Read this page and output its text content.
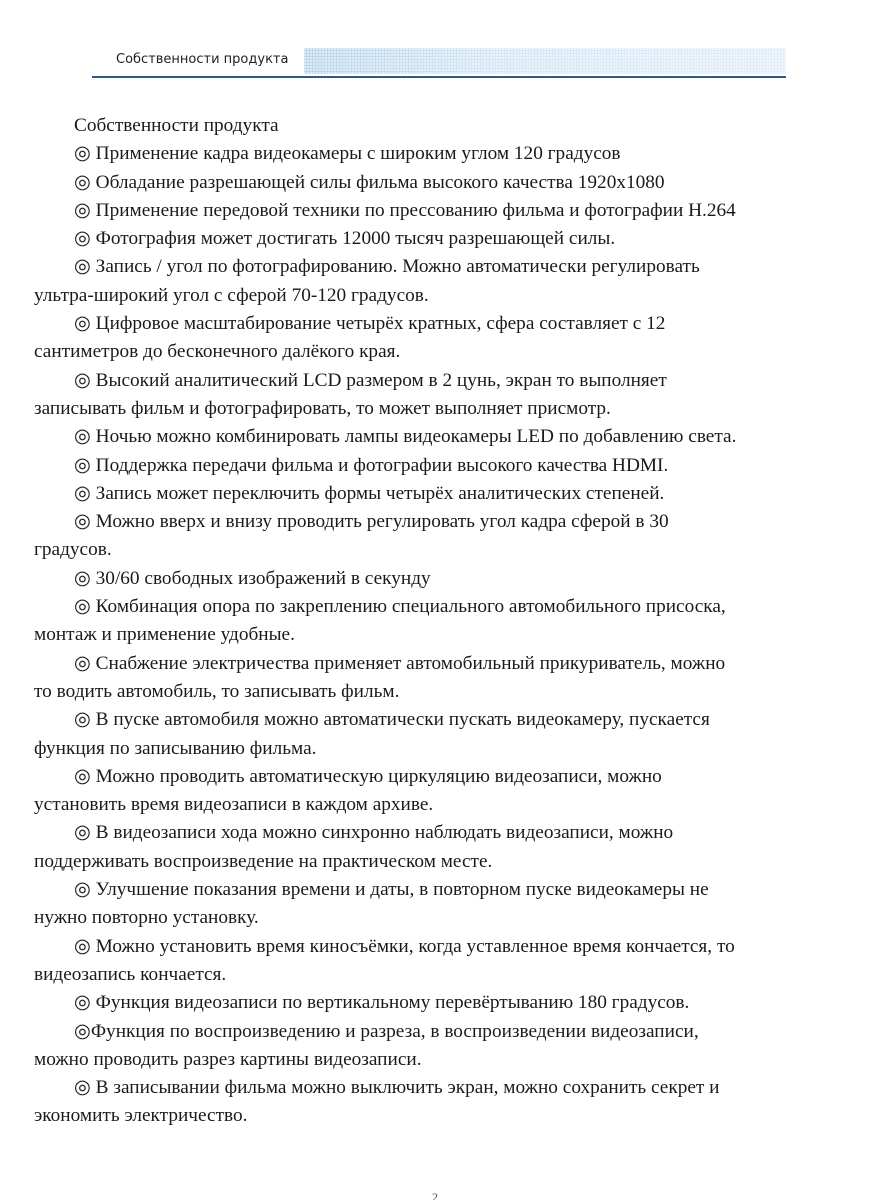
Собственности продукта

Собственности продукта

◎ Применение кадра видеокамеры с широким углом 120 градусов
◎ Обладание разрешающей силы фильма высокого качества 1920x1080
◎ Применение передовой техники по прессованию фильма и фотографии H.264
◎ Фотография может достигать 12000 тысяч разрешающей силы.
◎ Запись / угол по фотографированию. Можно автоматически регулировать
ультра-широкий угол с сферой 70-120 градусов.
◎ Цифровое масштабирование четырёх кратных, сфера составляет с 12
сантиметров до бесконечного далёкого края.
◎ Высокий аналитический LCD размером в 2 цунь, экран то выполняет
записывать фильм и фотографировать, то может выполняет присмотр.
◎ Ночью можно комбинировать лампы видеокамеры LED по добавлению света.
◎ Поддержка передачи фильма и фотографии высокого качества HDMI.
◎ Запись может переключить формы четырёх аналитических степеней.
◎ Можно вверх и внизу проводить регулировать угол кадра сферой в 30
градусов.
◎ 30/60 свободных изображений в секунду
◎ Комбинация опора по закреплению специального автомобильного присоска,
монтаж и применение удобные.
◎ Снабжение электричества применяет автомобильный прикуриватель, можно
то водить автомобиль, то записывать фильм.
◎ В пуске автомобиля можно автоматически пускать видеокамеру, пускается
функция по записыванию фильма.
◎ Можно проводить автоматическую циркуляцию видеозаписи, можно
установить время видеозаписи в каждом архиве.
◎ В видеозаписи хода можно синхронно наблюдать видеозаписи, можно
поддерживать воспроизведение на практическом месте.
◎ Улучшение показания времени и даты, в повторном пуске видеокамеры не
нужно повторно установку.
◎ Можно установить время киносъёмки, когда уставленное время кончается, то
видеозапись кончается.
◎ Функция видеозаписи по вертикальному перевёртыванию 180 градусов.
◎Функция по воспроизведению и разреза, в воспроизведении видеозаписи,
можно проводить разрез картины видеозаписи.
◎ В записывании фильма можно выключить экран, можно сохранить секрет и
экономить электричество.
2
